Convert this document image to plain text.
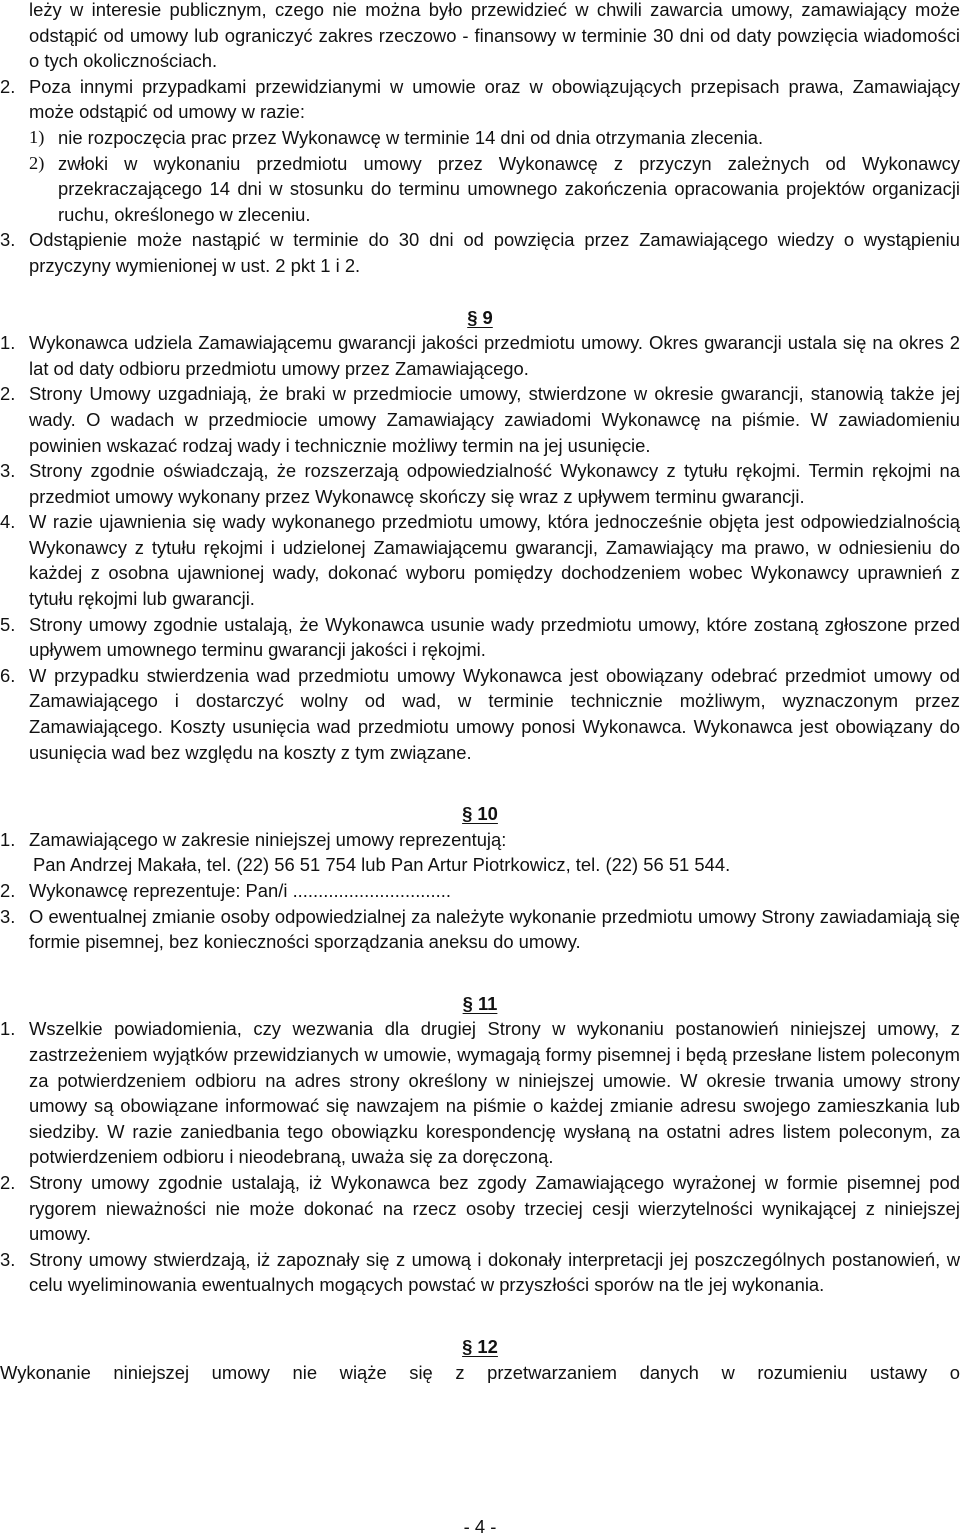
leży w interesie publicznym, czego nie można było przewidzieć w chwili zawarcia umowy, zamawiający może odstąpić od umowy lub ograniczyć zakres rzeczowo - finansowy w terminie 30 dni od daty powzięcia wiadomości o tych okolicznościach.

2. Poza innymi przypadkami przewidzianymi w umowie oraz w obowiązujących przepisach prawa, Zamawiający może odstąpić od umowy w razie:
1) nie rozpoczęcia prac przez Wykonawcę w terminie 14 dni od dnia otrzymania zlecenia.
2) zwłoki w wykonaniu przedmiotu umowy przez Wykonawcę z przyczyn zależnych od Wykonawcy przekraczającego 14 dni w stosunku do terminu umownego zakończenia opracowania projektów organizacji ruchu, określonego w zleceniu.
3. Odstąpienie może nastąpić w terminie do 30 dni od powzięcia przez Zamawiającego wiedzy o wystąpieniu przyczyny wymienionej w ust. 2 pkt 1 i 2.

§ 9

1. Wykonawca udziela Zamawiającemu gwarancji jakości przedmiotu umowy. Okres gwarancji ustala się na okres 2 lat od daty odbioru przedmiotu umowy przez Zamawiającego.
2. Strony Umowy uzgadniają, że braki w przedmiocie umowy, stwierdzone w okresie gwarancji, stanowią także jej wady. O wadach w przedmiocie umowy Zamawiający zawiadomi Wykonawcę na piśmie. W zawiadomieniu powinien wskazać rodzaj wady i technicznie możliwy termin na jej usunięcie.
3. Strony zgodnie oświadczają, że rozszerzają odpowiedzialność Wykonawcy z tytułu rękojmi. Termin rękojmi na przedmiot umowy wykonany przez Wykonawcę skończy się wraz z upływem terminu gwarancji.
4. W razie ujawnienia się wady wykonanego przedmiotu umowy, która jednocześnie objęta jest odpowiedzialnością Wykonawcy z tytułu rękojmi i udzielonej Zamawiającemu gwarancji, Zamawiający ma prawo, w odniesieniu do każdej z osobna ujawnionej wady, dokonać wyboru pomiędzy dochodzeniem wobec Wykonawcy uprawnień z tytułu rękojmi lub gwarancji.
5. Strony umowy zgodnie ustalają, że Wykonawca usunie wady przedmiotu umowy, które zostaną zgłoszone przed upływem umownego terminu gwarancji jakości i rękojmi.
6. W przypadku stwierdzenia wad przedmiotu umowy Wykonawca jest obowiązany odebrać przedmiot umowy od Zamawiającego i dostarczyć wolny od wad, w terminie technicznie możliwym, wyznaczonym przez Zamawiającego. Koszty usunięcia wad przedmiotu umowy ponosi Wykonawca. Wykonawca jest obowiązany do usunięcia wad bez względu na koszty z tym związane.

§ 10

1. Zamawiającego w zakresie niniejszej umowy reprezentują:

Pan Andrzej Makała, tel. (22) 56 51 754 lub Pan Artur Piotrkowicz, tel. (22) 56 51 544.

2. Wykonawcę reprezentuje: Pan/i ...............................
3. O ewentualnej zmianie osoby odpowiedzialnej za należyte wykonanie przedmiotu umowy Strony zawiadamiają się formie pisemnej, bez konieczności sporządzania aneksu do umowy.

§ 11

1. Wszelkie powiadomienia, czy wezwania dla drugiej Strony w wykonaniu postanowień niniejszej umowy, z zastrzeżeniem wyjątków przewidzianych w umowie, wymagają formy pisemnej i będą przesłane listem poleconym za potwierdzeniem odbioru na adres strony określony w niniejszej umowie. W okresie trwania umowy strony umowy są obowiązane informować się nawzajem na piśmie o każdej zmianie adresu swojego zamieszkania lub siedziby. W razie zaniedbania tego obowiązku korespondencję wysłaną na ostatni adres listem poleconym, za potwierdzeniem odbioru i nieodebraną, uważa się za doręczoną.
2. Strony umowy zgodnie ustalają, iż Wykonawca bez zgody Zamawiającego wyrażonej w formie pisemnej pod rygorem nieważności nie może dokonać na rzecz osoby trzeciej cesji wierzytelności wynikającej z niniejszej umowy.
3. Strony umowy stwierdzają, iż zapoznały się z umową i dokonały interpretacji jej poszczególnych postanowień, w celu wyeliminowania ewentualnych mogących powstać w przyszłości sporów na tle jej wykonania.

§ 12

Wykonanie niniejszej umowy nie wiąże się z przetwarzaniem danych w rozumieniu ustawy o

- 4 -
